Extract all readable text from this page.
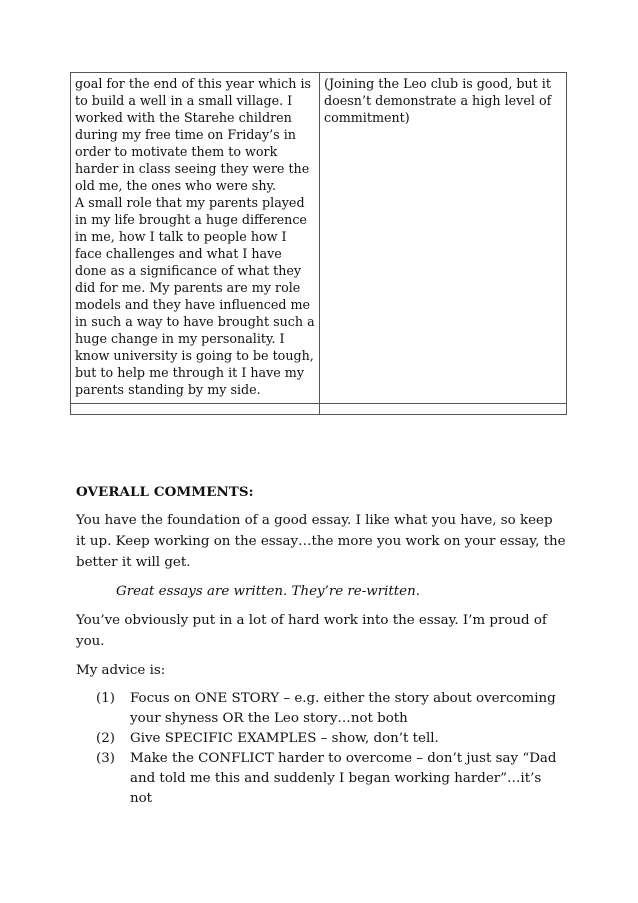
goal for the end of this year which is to build a well in a small village. I worked with the Starehe children during my free time on Friday’s in order to motivate them to work harder in class seeing they were the old me, the ones who were shy.
A small role that my parents played in my life brought a huge difference in me, how I talk to people how I face challenges and what I have done as a significance of what they did for me. My parents are my role models and they have influenced me in such a way to have brought such a huge change in my personality. I know university is going to be tough, but to help me through it I have my parents standing by my side.	(Joining the Leo club is good, but it doesn’t demonstrate a high level of commitment)

OVERALL COMMENTS:

You have the foundation of a good essay. I like what you have, so keep it up. Keep working on the essay…the more you work on your essay, the better it will get.

Great essays are written. They’re re-written.

You’ve obviously put in a lot of hard work into the essay. I’m proud of you.

My advice is:

(1) Focus on ONE STORY – e.g. either the story about overcoming your shyness OR the Leo story…not both
(2) Give SPECIFIC EXAMPLES – show, don’t tell.
(3) Make the CONFLICT harder to overcome – don’t just say “Dad and told me this and suddenly I began working harder”…it’s not
